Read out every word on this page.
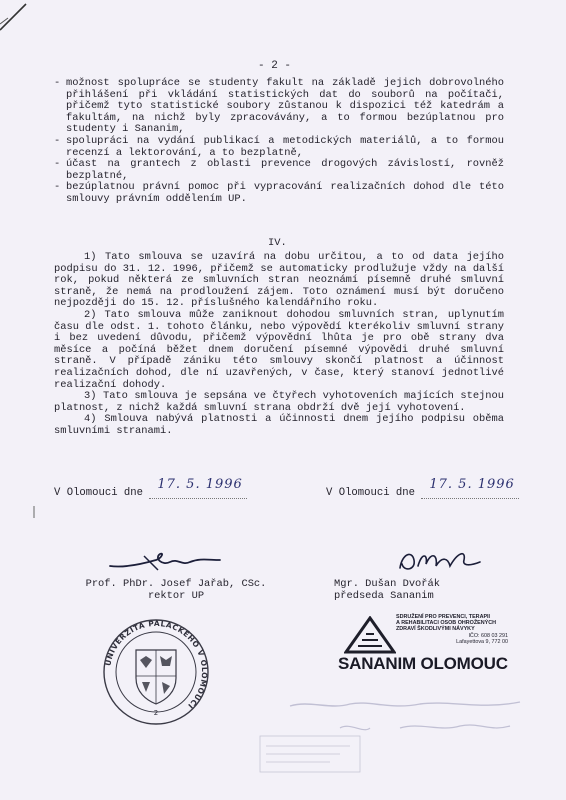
- 2 -
- možnost spolupráce se studenty fakult na základě jejich dobrovolného přihlášení při vkládání statistických dat do souborů na počítači, přičemž tyto statistické soubory zůstanou k dispozici též katedrám a fakultám, na nichž byly zpracovávány, a to formou bezúplatnou pro studenty i Sananim,
- spolupráci na vydání publikací a metodických materiálů, a to formou recenzí a lektorování, a to bezplatně,
- účast na grantech z oblasti prevence drogových závislostí, rovněž bezplatné,
- bezúplatnou právní pomoc při vypracování realizačních dohod dle této smlouvy právním oddělením UP.
IV.

1) Tato smlouva se uzavírá na dobu určitou, a to od data jejího podpisu do 31. 12. 1996, přičemž se automaticky prodlužuje vždy na další rok, pokud některá ze smluvních stran neoznámí písemně druhé smluvní straně, že nemá na prodloužení zájem. Toto oznámení musí být doručeno nejpozději do 15. 12. příslušného kalendářního roku.

2) Tato smlouva může zaniknout dohodou smluvních stran, uplynutím času dle odst. 1. tohoto článku, nebo výpovědí kterékoliv smluvní strany i bez uvedení důvodu, přičemž výpovědní lhůta je pro obě strany dva měsíce a počíná běžet dnem doručení písemné výpovědi druhé smluvní straně. V případě zániku této smlouvy skončí platnost a účinnost realizačních dohod, dle ní uzavřených, v čase, který stanoví jednotlivé realizační dohody.

3) Tato smlouva je sepsána ve čtyřech vyhotoveních majících stejnou platnost, z nichž každá smluvní strana obdrží dvě její vyhotovení.

4) Smlouva nabývá platnosti a účinnosti dnem jejího podpisu oběma smluvními stranami.

V Olomouci dne
17. 5. 1996
V Olomouci dne
17. 5. 1996
Prof. PhDr. Josef Jařab, CSc.
rektor UP
Mgr. Dušan Dvořák
předseda Sananim
UNIVERZITA PALACKÉHO V OLOMOUCI
2
SDRUŽENÍ PRO PREVENCI, TERAPII
A REHABILITACI OSOB OHROŽENÝCH
ZDRAVÍ ŠKODLIVÝMI NÁVYKY
IČO: 608 03 291
Lafayettova 9, 772 00
SANANIM OLOMOUC
